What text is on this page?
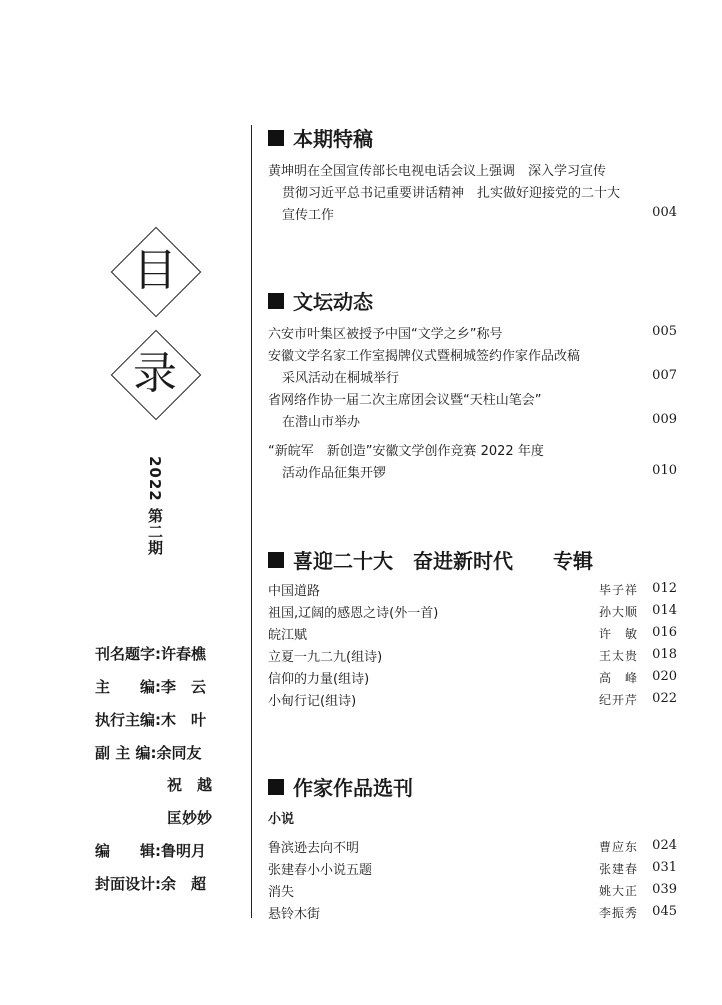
目
录
2022 第二期
刊名题字:许春樵
主　　编:李　云
执行主编:木　叶
副 主 编:余同友
祝　越
匡妙妙
编　　辑:鲁明月
封面设计:余　超
本期特稿
黄坤明在全国宣传部长电视电话会议上强调　深入学习宣传
贯彻习近平总书记重要讲话精神　扎实做好迎接党的二十大
宣传工作	004
文坛动态
六安市叶集区被授予中国“文学之乡”称号	005
安徽文学名家工作室揭牌仪式暨桐城签约作家作品改稿
采风活动在桐城举行	007
省网络作协一届二次主席团会议暨“天柱山笔会”
在潜山市举办	009
“新皖军　新创造”安徽文学创作竞赛 2022 年度
活动作品征集开锣	010
喜迎二十大　奋进新时代　　专辑
中国道路	毕子祥 012
祖国,辽阔的感恩之诗(外一首)	孙大顺 014
皖江赋	许　敏 016
立夏一九二九(组诗)	王太贵 018
信仰的力量(组诗)	高　峰 020
小甸行记(组诗)	纪开芹 022
作家作品选刊
小说
鲁滨逊去向不明	曹应东 024
张建春小小说五题	张建春 031
消失	姚大正 039
悬铃木街	李振秀 045
